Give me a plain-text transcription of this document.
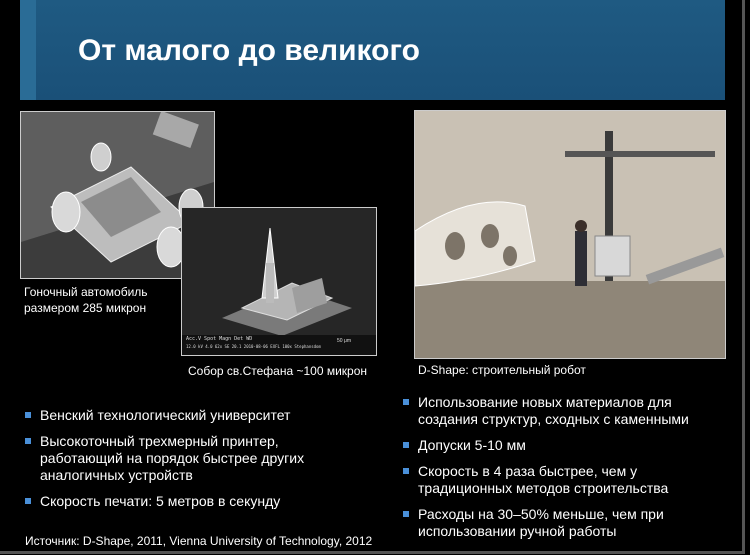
От малого до великого
Гоночный автомобиль
размером 285 микрон
Acc.V Spot Magn Det WD
12.0 kV 4.0 62x SE 20.1 2010-08-06 EXFL 100x Stephansdom
50 μm
Собор св.Стефана ~100 микрон	D-Shape: строительный робот
Венский технологический университет
Высокоточный трехмерный принтер, работающий на порядок быстрее других аналогичных устройств
Скорость печати: 5 метров в секунду
Использование новых материалов для создания структур, сходных с каменными
Допуски 5-10 мм
Скорость в 4 раза быстрее, чем у традиционных методов строительства
Расходы на 30–50% меньше, чем при использовании ручной работы
Источник: D-Shape, 2011, Vienna University of Technology, 2012
